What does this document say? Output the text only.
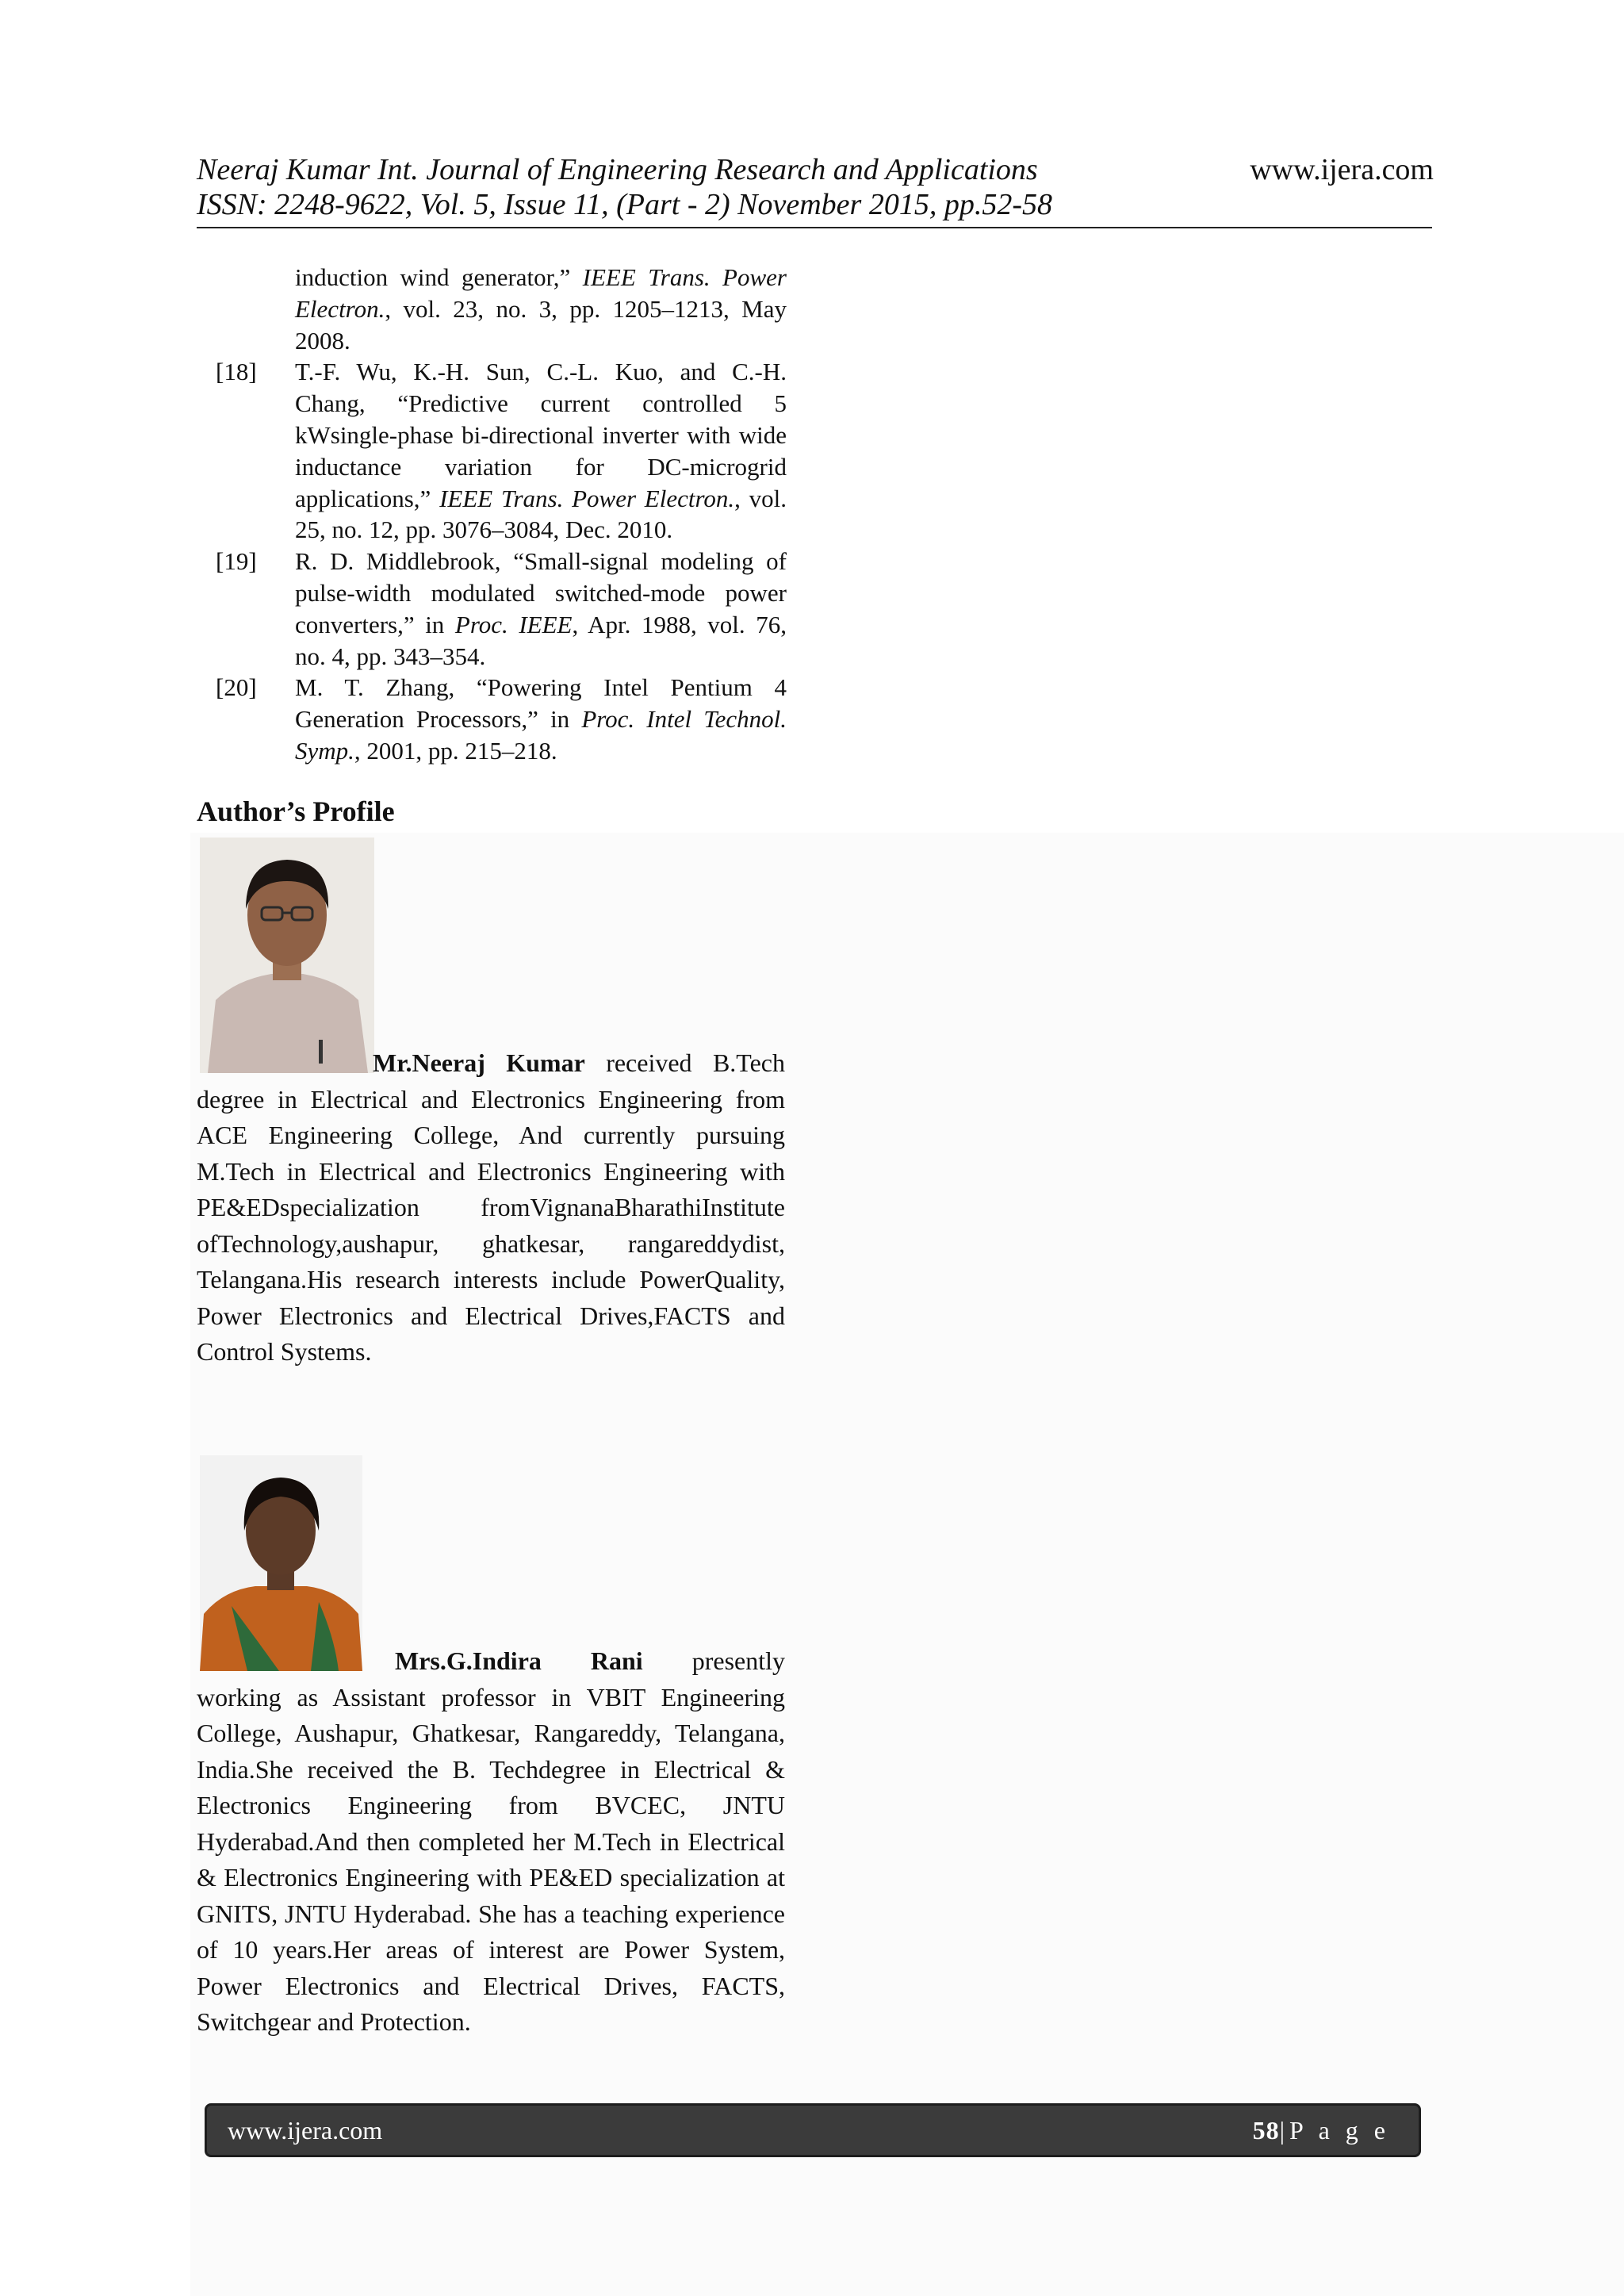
Neeraj Kumar Int. Journal of Engineering Research and Applications	www.ijera.com
ISSN: 2248-9622, Vol. 5, Issue 11, (Part - 2) November 2015, pp.52-58
induction wind generator,” IEEE Trans. Power Electron., vol. 23, no. 3, pp. 1205–1213, May 2008.
[18]	T.-F. Wu, K.-H. Sun, C.-L. Kuo, and C.-H. Chang, “Predictive current controlled 5 kWsingle-phase bi-directional inverter with wide inductance variation for DC-microgrid applications,” IEEE Trans. Power Electron., vol. 25, no. 12, pp. 3076–3084, Dec. 2010.
[19]	R. D. Middlebrook, “Small-signal modeling of pulse-width modulated switched-mode power converters,” in Proc. IEEE, Apr. 1988, vol. 76, no. 4, pp. 343–354.
[20]	M. T. Zhang, “Powering Intel Pentium 4 Generation Processors,” in Proc. Intel Technol. Symp., 2001, pp. 215–218.
Author’s Profile
Mr.Neeraj Kumar received B.Tech degree in Electrical and Electronics Engineering from ACE Engineering College, And currently pursuing M.Tech in Electrical and Electronics Engineering with PE&EDspecialization fromVignanaBharathiInstitute ofTechnology,aushapur, ghatkesar, rangareddydist, Telangana.His research interests include PowerQuality, Power Electronics and Electrical Drives,FACTS and Control Systems.
Mrs.G.Indira Rani presently working as Assistant professor in VBIT Engineering College, Aushapur, Ghatkesar, Rangareddy, Telangana, India.She received the B. Techdegree in Electrical & Electronics Engineering from BVCEC, JNTU Hyderabad.And then completed her M.Tech in Electrical & Electronics Engineering with PE&ED specialization at GNITS, JNTU Hyderabad. She has a teaching experience of 10 years.Her areas of interest are Power System, Power Electronics and Electrical Drives, FACTS, Switchgear and Protection.
www.ijera.com	58|P a g e
